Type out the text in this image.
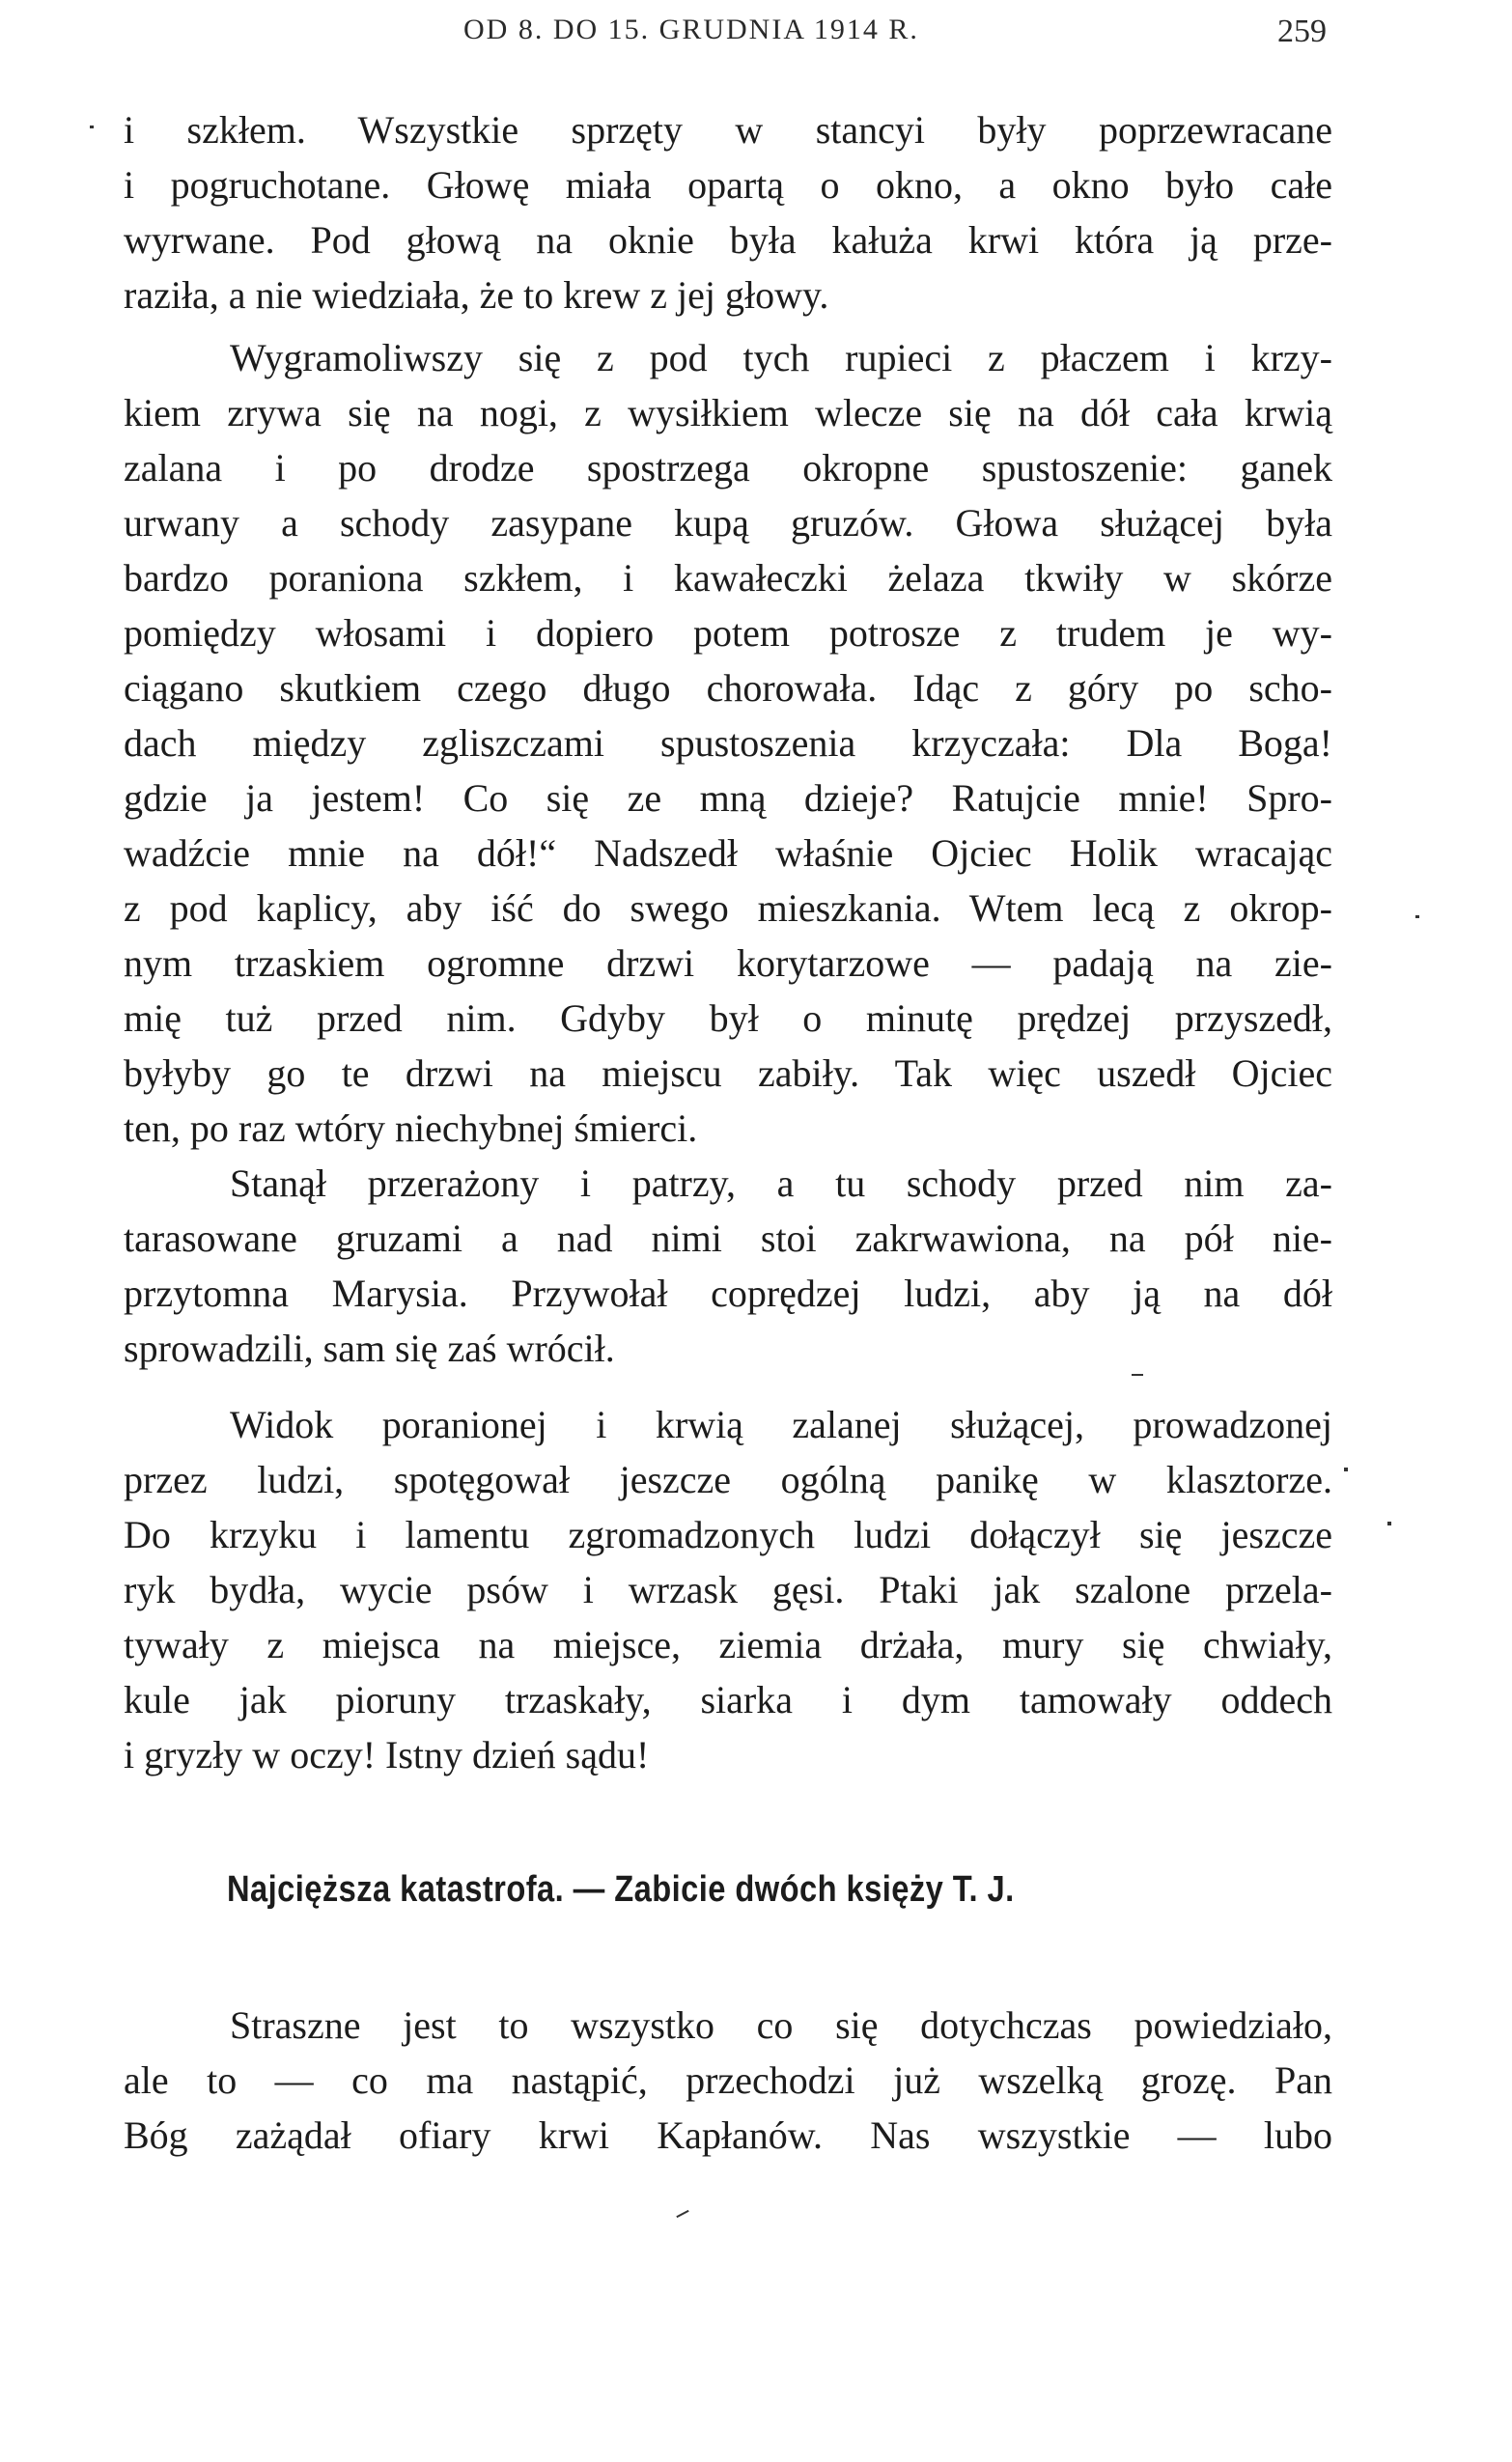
OD 8. DO 15. GRUDNIA 1914 R.	259
i szkłem. Wszystkie sprzęty w stancyi były poprzewracane
i pogruchotane. Głowę miała opartą o okno, a okno było całe
wyrwane. Pod głową na oknie była kałuża krwi która ją prze-
raziła, a nie wiedziała, że to krew z jej głowy.
Wygramoliwszy się z pod tych rupieci z płaczem i krzy-
kiem zrywa się na nogi, z wysiłkiem wlecze się na dół cała krwią
zalana i po drodze spostrzega okropne spustoszenie: ganek
urwany a schody zasypane kupą gruzów. Głowa służącej była
bardzo poraniona szkłem, i kawałeczki żelaza tkwiły w skórze
pomiędzy włosami i dopiero potem potrosze z trudem je wy-
ciągano skutkiem czego długo chorowała. Idąc z góry po scho-
dach między zgliszczami spustoszenia krzyczała: Dla Boga!
gdzie ja jestem! Co się ze mną dzieje? Ratujcie mnie! Spro-
wadźcie mnie na dół!“ Nadszedł właśnie Ojciec Holik wracając
z pod kaplicy, aby iść do swego mieszkania. Wtem lecą z okrop-
nym trzaskiem ogromne drzwi korytarzowe — padają na zie-
mię tuż przed nim. Gdyby był o minutę prędzej przyszedł,
byłyby go te drzwi na miejscu zabiły. Tak więc uszedł Ojciec
ten, po raz wtóry niechybnej śmierci.
Stanął przerażony i patrzy, a tu schody przed nim za-
tarasowane gruzami a nad nimi stoi zakrwawiona, na pół nie-
przytomna Marysia. Przywołał coprędzej ludzi, aby ją na dół
sprowadzili, sam się zaś wrócił.
Widok poranionej i krwią zalanej służącej, prowadzonej
przez ludzi, spotęgował jeszcze ogólną panikę w klasztorze.
Do krzyku i lamentu zgromadzonych ludzi dołączył się jeszcze
ryk bydła, wycie psów i wrzask gęsi. Ptaki jak szalone przela-
tywały z miejsca na miejsce, ziemia drżała, mury się chwiały,
kule jak pioruny trzaskały, siarka i dym tamowały oddech
i gryzły w oczy! Istny dzień sądu!
Najcięższa katastrofa. — Zabicie dwóch księży T. J.
Straszne jest to wszystko co się dotychczas powiedziało,
ale to — co ma nastąpić, przechodzi już wszelką grozę. Pan
Bóg zażądał ofiary krwi Kapłanów. Nas wszystkie — lubo
